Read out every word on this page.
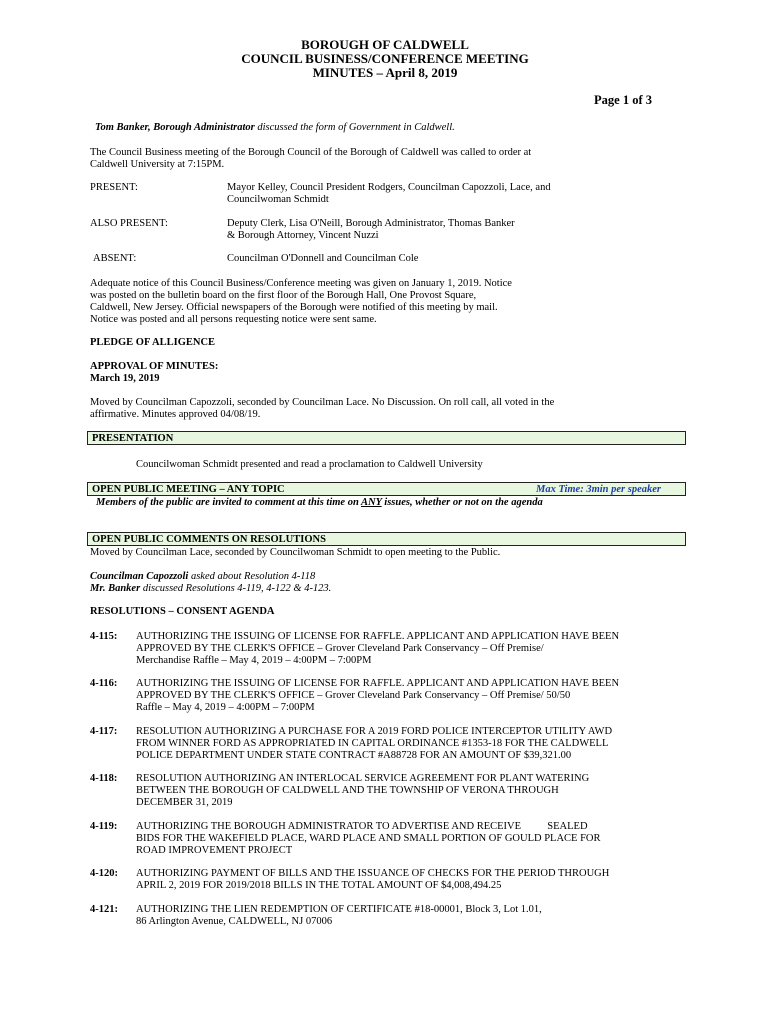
BOROUGH OF CALDWELL
COUNCIL BUSINESS/CONFERENCE MEETING
MINUTES – April 8, 2019
Page 1 of 3
Tom Banker, Borough Administrator discussed the form of Government in Caldwell.
The Council Business meeting of the Borough Council of the Borough of Caldwell was called to order at
Caldwell University at 7:15PM.
PRESENT:	Mayor Kelley, Council President Rodgers, Councilman Capozzoli, Lace, and
Councilwoman Schmidt
ALSO PRESENT:	Deputy Clerk, Lisa O'Neill, Borough Administrator, Thomas Banker
& Borough Attorney, Vincent Nuzzi
ABSENT:	Councilman O'Donnell and Councilman Cole
Adequate notice of this Council Business/Conference meeting was given on January 1, 2019. Notice
was posted on the bulletin board on the first floor of the Borough Hall, One Provost Square,
Caldwell, New Jersey. Official newspapers of the Borough were notified of this meeting by mail.
Notice was posted and all persons requesting notice were sent same.
PLEDGE OF ALLIGENCE
APPROVAL OF MINUTES:
March 19, 2019
Moved by Councilman Capozzoli, seconded by Councilman Lace. No Discussion. On roll call, all voted in the
affirmative. Minutes approved 04/08/19.
PRESENTATION
Councilwoman Schmidt presented and read a proclamation to Caldwell University
OPEN PUBLIC MEETING – ANY TOPIC	Max Time: 3min per speaker
Members of the public are invited to comment at this time on ANY issues, whether or not on the agenda
OPEN PUBLIC COMMENTS ON RESOLUTIONS
Moved by Councilman Lace, seconded by Councilwoman Schmidt to open meeting to the Public.
Councilman Capozzoli asked about Resolution 4-118
Mr. Banker discussed Resolutions 4-119, 4-122 & 4-123.
RESOLUTIONS – CONSENT AGENDA
4-115: AUTHORIZING THE ISSUING OF LICENSE FOR RAFFLE. APPLICANT AND APPLICATION HAVE BEEN
APPROVED BY THE CLERK'S OFFICE – Grover Cleveland Park Conservancy – Off Premise/
Merchandise Raffle – May 4, 2019 – 4:00PM – 7:00PM
4-116: AUTHORIZING THE ISSUING OF LICENSE FOR RAFFLE. APPLICANT AND APPLICATION HAVE BEEN
APPROVED BY THE CLERK'S OFFICE – Grover Cleveland Park Conservancy – Off Premise/ 50/50
Raffle – May 4, 2019 – 4:00PM – 7:00PM
4-117: RESOLUTION AUTHORIZING A PURCHASE FOR A 2019 FORD POLICE INTERCEPTOR UTILITY AWD
FROM WINNER FORD AS APPROPRIATED IN CAPITAL ORDINANCE #1353-18 FOR THE CALDWELL
POLICE DEPARTMENT UNDER STATE CONTRACT #A88728 FOR AN AMOUNT OF $39,321.00
4-118: RESOLUTION AUTHORIZING AN INTERLOCAL SERVICE AGREEMENT FOR PLANT WATERING
BETWEEN THE BOROUGH OF CALDWELL AND THE TOWNSHIP OF VERONA THROUGH
DECEMBER 31, 2019
4-119: AUTHORIZING THE BOROUGH ADMINISTRATOR TO ADVERTISE AND RECEIVE          SEALED
BIDS FOR THE WAKEFIELD PLACE, WARD PLACE AND SMALL PORTION OF GOULD PLACE FOR
ROAD IMPROVEMENT PROJECT
4-120: AUTHORIZING PAYMENT OF BILLS AND THE ISSUANCE OF CHECKS FOR THE PERIOD THROUGH
APRIL 2, 2019 FOR 2019/2018 BILLS IN THE TOTAL AMOUNT OF $4,008,494.25
4-121: AUTHORIZING THE LIEN REDEMPTION OF CERTIFICATE #18-00001, Block 3, Lot 1.01,
86 Arlington Avenue, CALDWELL, NJ 07006
